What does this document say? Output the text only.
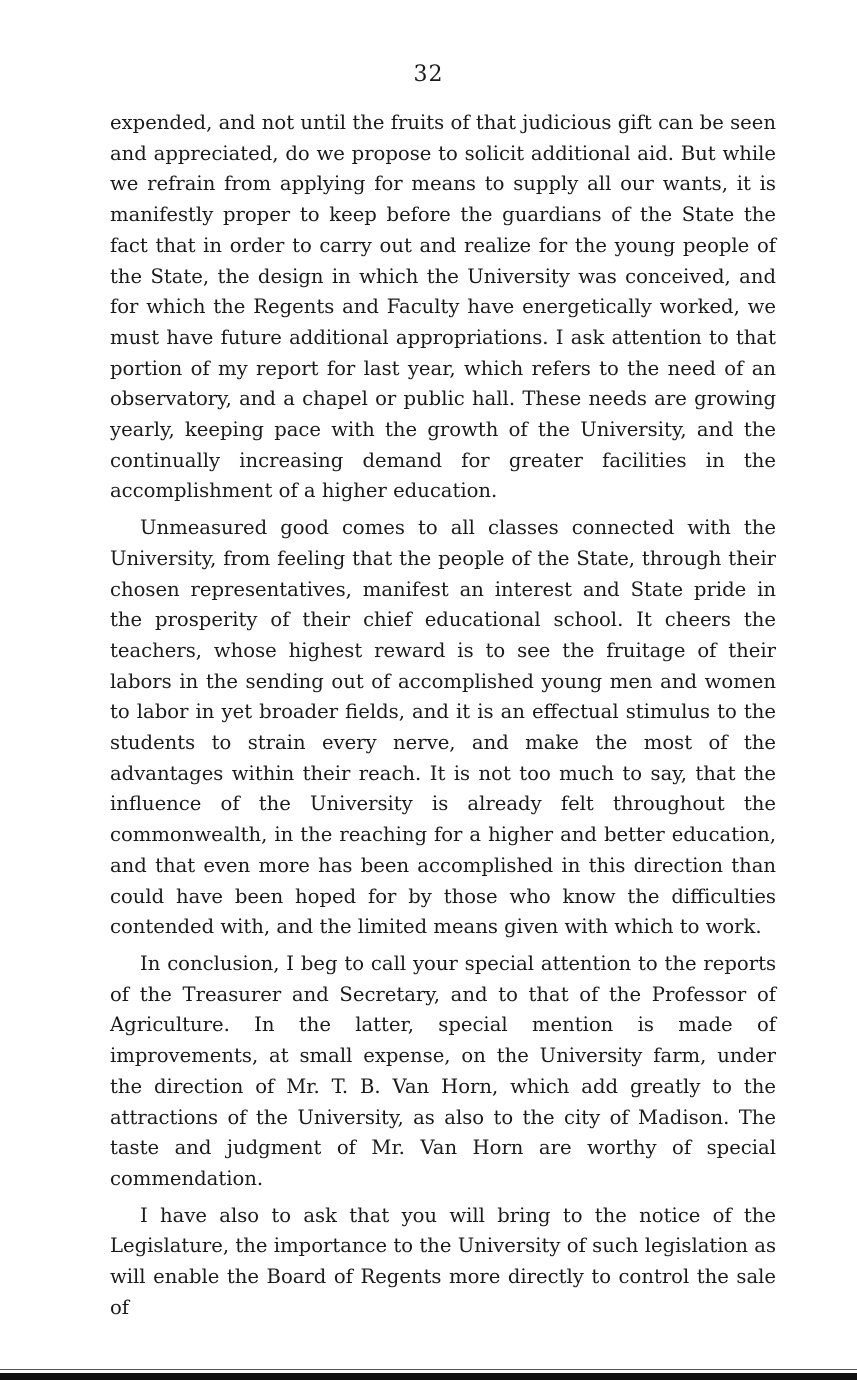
32

expended, and not until the fruits of that judicious gift can be seen and appreciated, do we propose to solicit additional aid. But while we refrain from applying for means to supply all our wants, it is manifestly proper to keep before the guardians of the State the fact that in order to carry out and realize for the young people of the State, the design in which the University was conceived, and for which the Regents and Faculty have energetically worked, we must have future additional appropriations. I ask attention to that portion of my report for last year, which refers to the need of an observatory, and a chapel or public hall. These needs are growing yearly, keeping pace with the growth of the University, and the continually increasing demand for greater facilities in the accomplishment of a higher education.

Unmeasured good comes to all classes connected with the University, from feeling that the people of the State, through their chosen representatives, manifest an interest and State pride in the prosperity of their chief educational school. It cheers the teachers, whose highest reward is to see the fruitage of their labors in the sending out of accomplished young men and women to labor in yet broader fields, and it is an effectual stimulus to the students to strain every nerve, and make the most of the advantages within their reach. It is not too much to say, that the influence of the University is already felt throughout the commonwealth, in the reaching for a higher and better education, and that even more has been accomplished in this direction than could have been hoped for by those who know the difficulties contended with, and the limited means given with which to work.

In conclusion, I beg to call your special attention to the reports of the Treasurer and Secretary, and to that of the Professor of Agriculture. In the latter, special mention is made of improvements, at small expense, on the University farm, under the direction of Mr. T. B. Van Horn, which add greatly to the attractions of the University, as also to the city of Madison. The taste and judgment of Mr. Van Horn are worthy of special commendation.

I have also to ask that you will bring to the notice of the Legislature, the importance to the University of such legislation as will enable the Board of Regents more directly to control the sale of
